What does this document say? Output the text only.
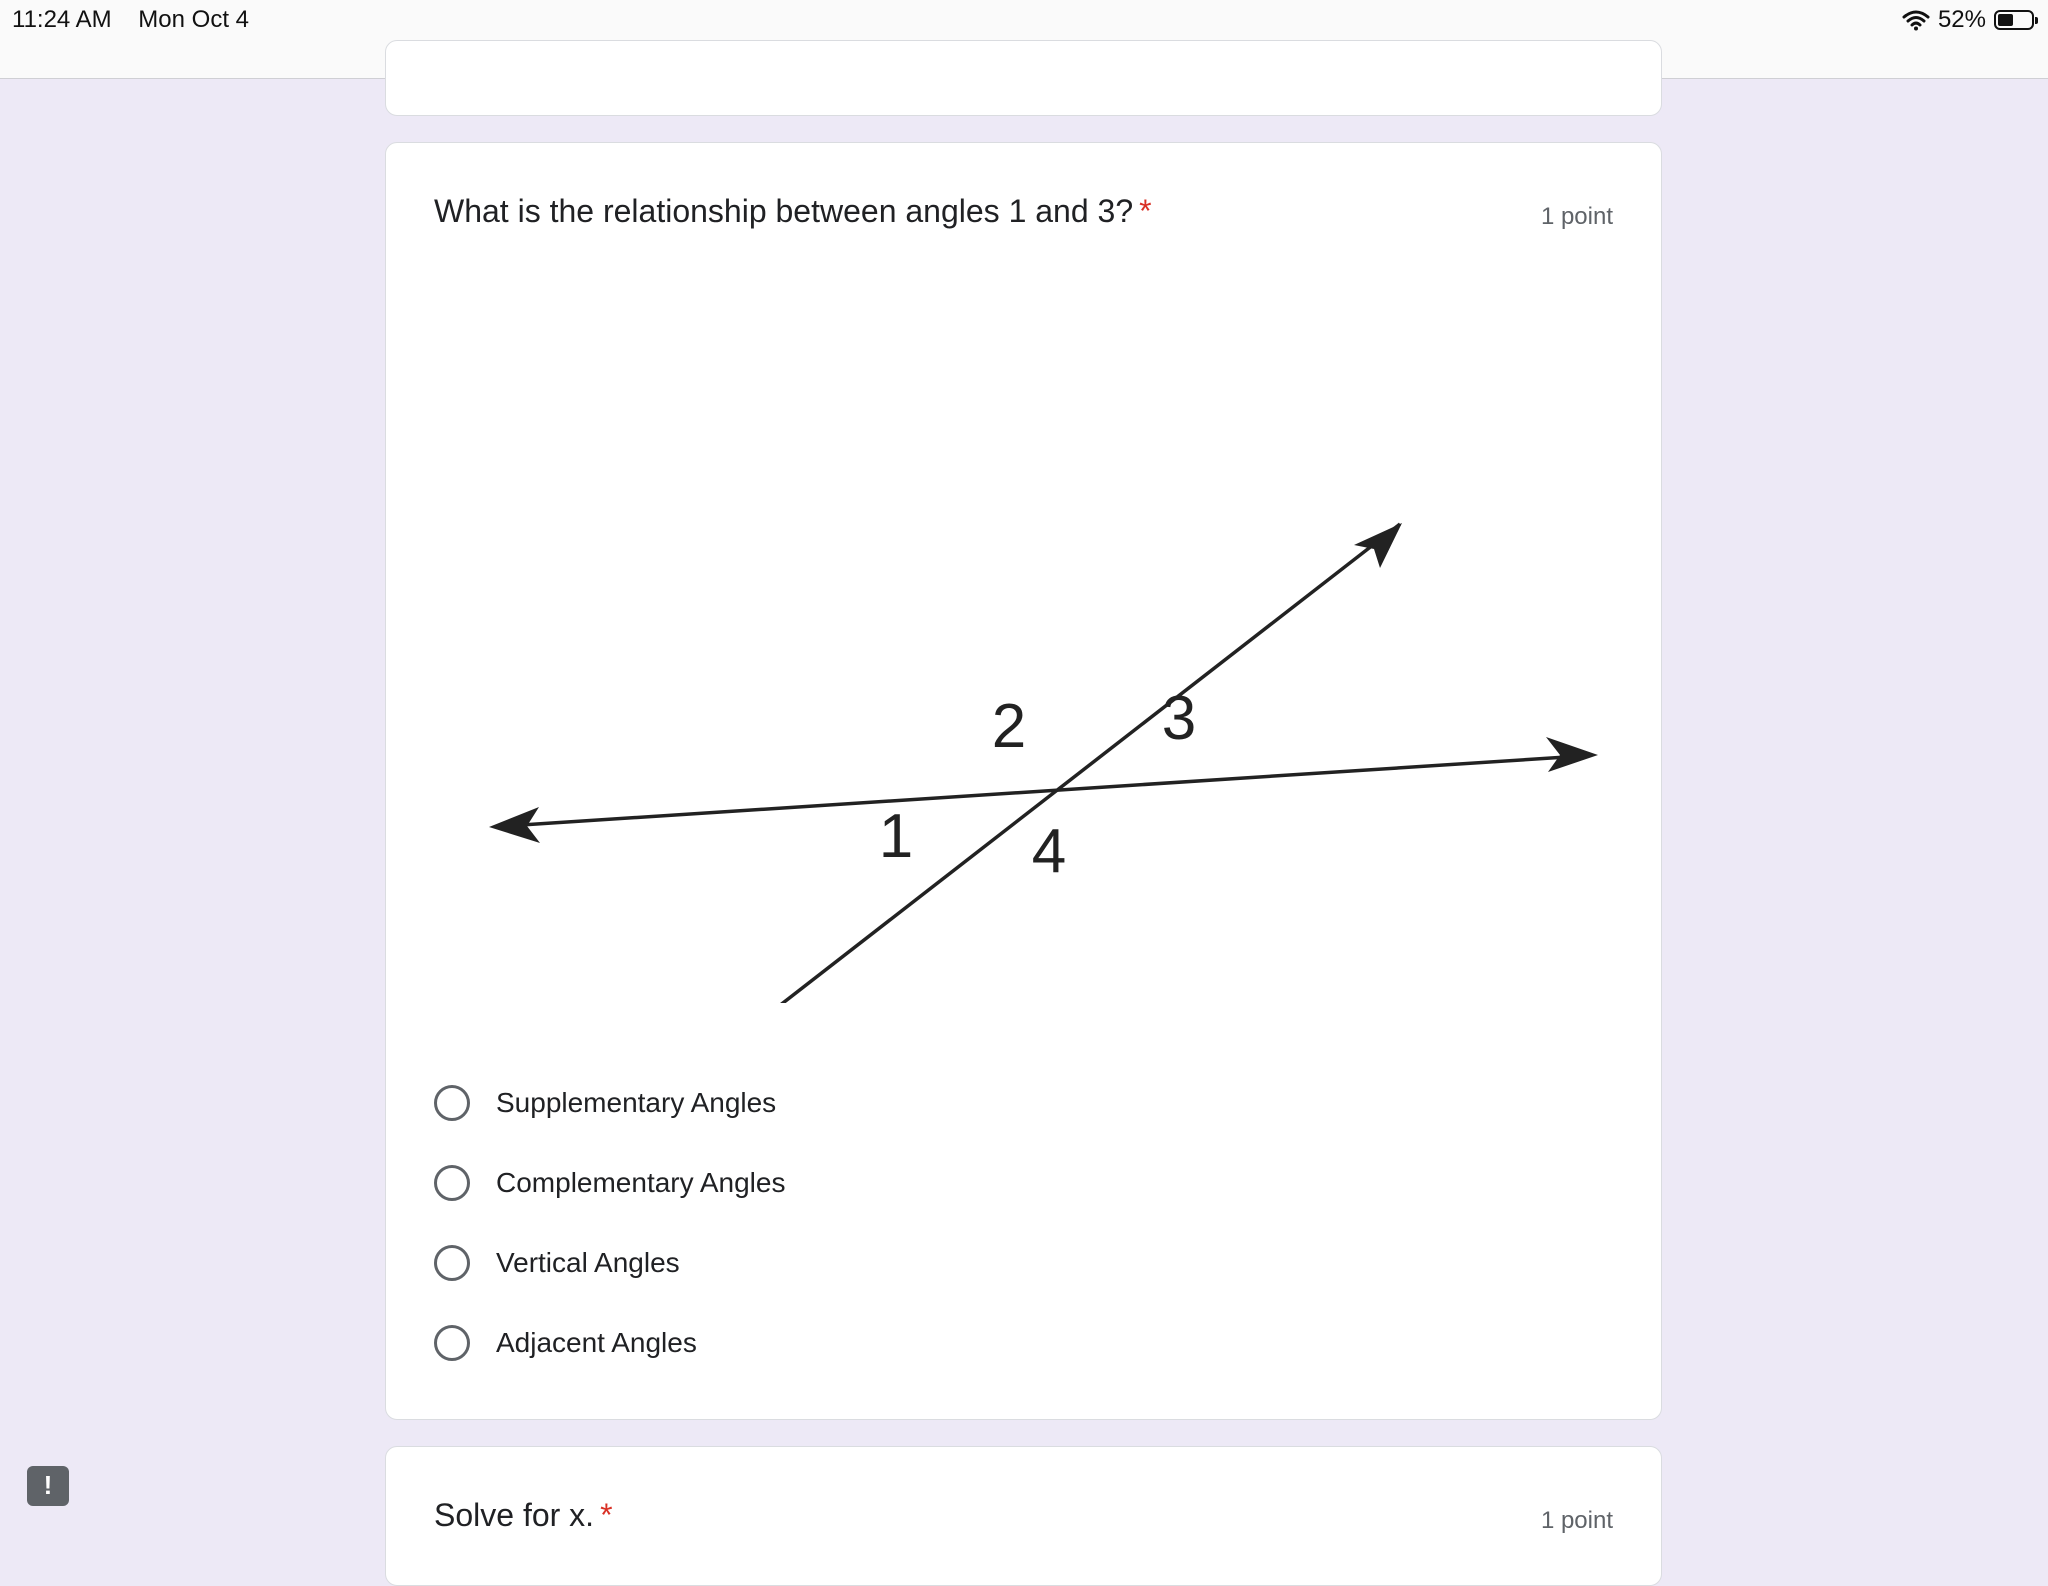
11:24 AM Mon Oct 4	52%
What is the relationship between angles 1 and 3? *	1 point
1
2 3
4
Supplementary Angles
Complementary Angles
Vertical Angles
Adjacent Angles
Solve for x. *	1 point
!
